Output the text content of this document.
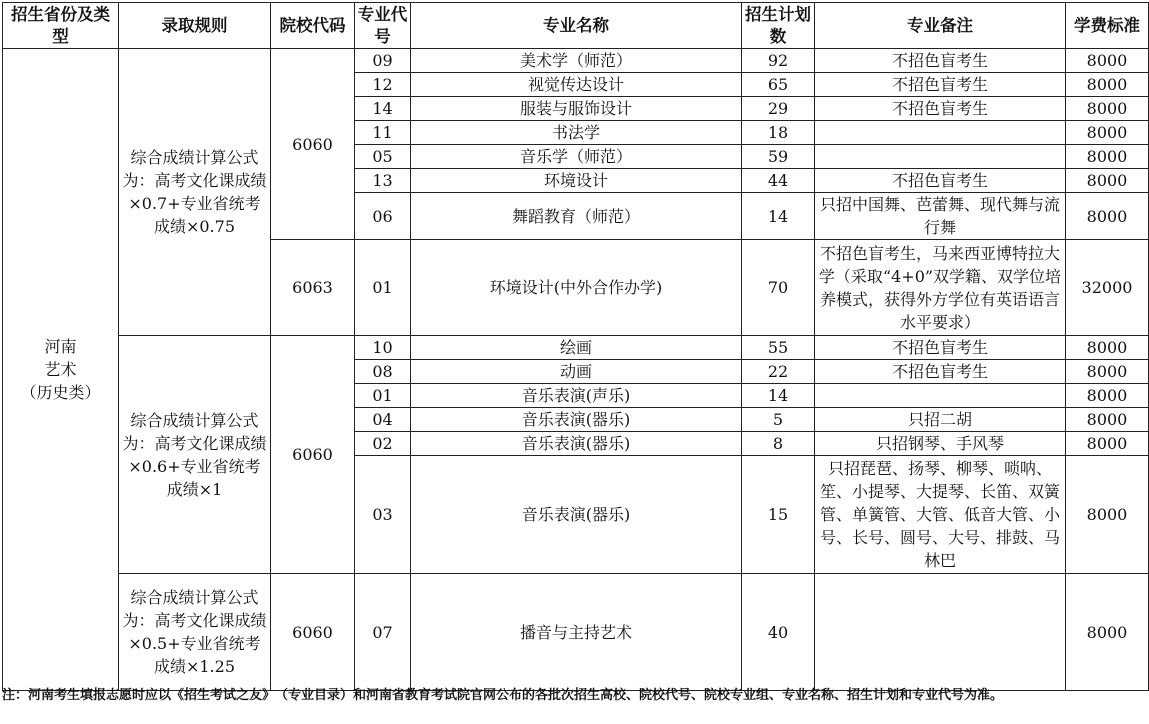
招生省份及类型	录取规则	院校代码	专业代号	专业名称	招生计划数	专业备注	学费标准
河南
艺术
（历史类）	综合成绩计算公式为：高考文化课成绩×0.7+专业省统考成绩×0.75	6060	09	美术学（师范）	92	不招色盲考生	8000
			12	视觉传达设计	65	不招色盲考生	8000
			14	服装与服饰设计	29	不招色盲考生	8000
			11	书法学	18		8000
			05	音乐学（师范）	59		8000
			13	环境设计	44	不招色盲考生	8000
			06	舞蹈教育（师范）	14	只招中国舞、芭蕾舞、现代舞与流行舞	8000
		6063	01	环境设计(中外合作办学)	70	不招色盲考生，马来西亚博特拉大学（采取“4+0”双学籍、双学位培养模式，获得外方学位有英语语言水平要求）	32000
	综合成绩计算公式为：高考文化课成绩×0.6+专业省统考成绩×1	6060	10	绘画	55	不招色盲考生	8000
			08	动画	22	不招色盲考生	8000
			01	音乐表演(声乐)	14		8000
			04	音乐表演(器乐)	5	只招二胡	8000
			02	音乐表演(器乐)	8	只招钢琴、手风琴	8000
			03	音乐表演(器乐)	15	只招琵琶、扬琴、柳琴、唢呐、笙、小提琴、大提琴、长笛、双簧管、单簧管、大管、低音大管、小号、长号、圆号、大号、排鼓、马林巴	8000
	综合成绩计算公式为：高考文化课成绩×0.5+专业省统考成绩×1.25	6060	07	播音与主持艺术	40		8000
注：河南考生填报志愿时应以《招生考试之友》　（专业目录）和河南省教育考试院官网公布的各批次招生高校、院校代号、院校专业组、专业名称、招生计划和专业代号为准。
